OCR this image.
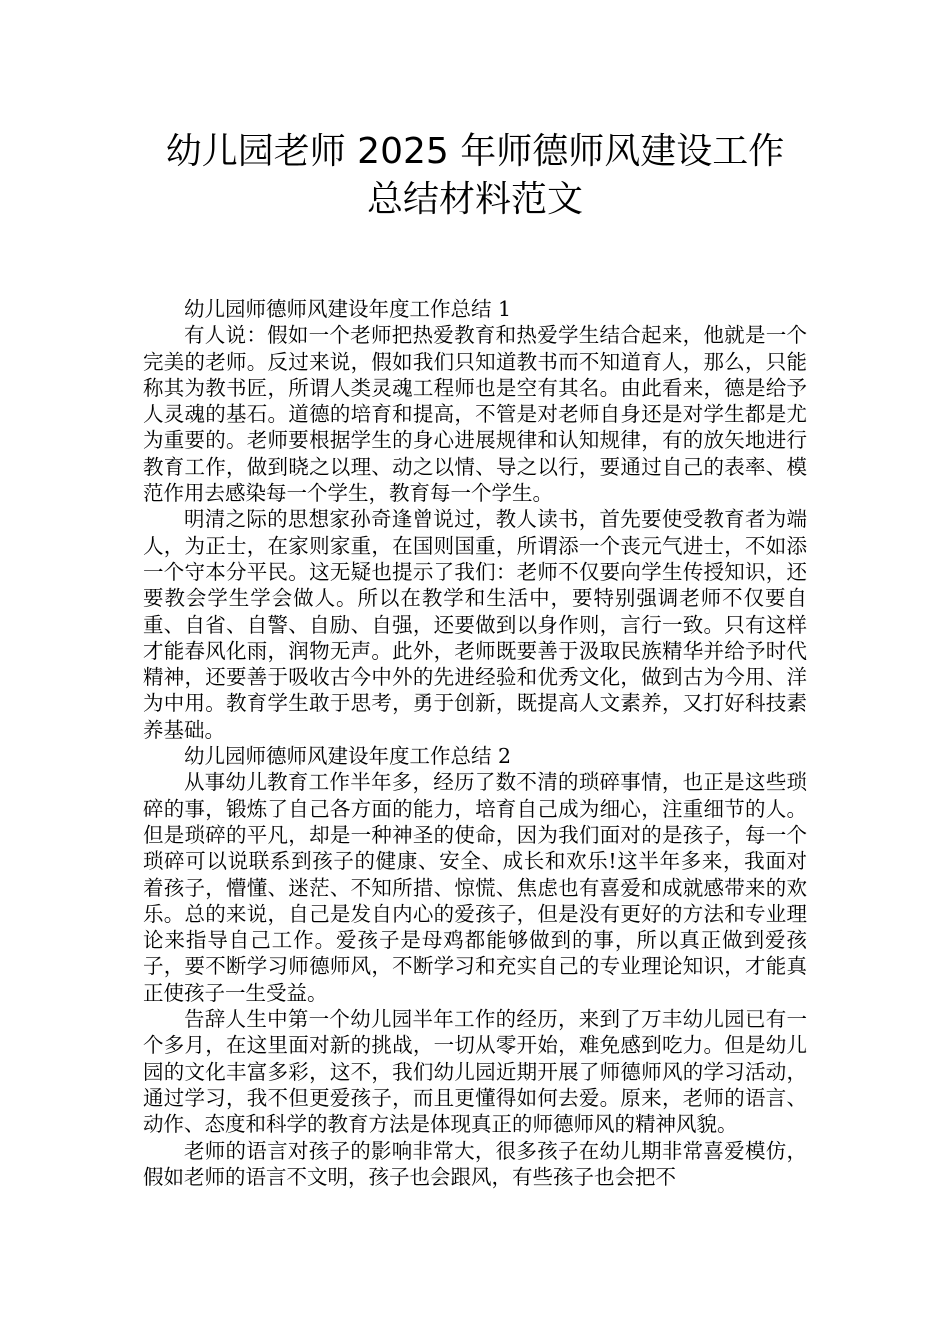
幼儿园老师 2025 年师德师风建设工作
总结材料范文

幼儿园师德师风建设年度工作总结 1

有人说：假如一个老师把热爱教育和热爱学生结合起来，他就是一个完美的老师。反过来说，假如我们只知道教书而不知道育人，那么，只能称其为教书匠，所谓人类灵魂工程师也是空有其名。由此看来，德是给予人灵魂的基石。道德的培育和提高，不管是对老师自身还是对学生都是尤为重要的。老师要根据学生的身心进展规律和认知规律，有的放矢地进行教育工作，做到晓之以理、动之以情、导之以行，要通过自己的表率、模范作用去感染每一个学生，教育每一个学生。

明清之际的思想家孙奇逢曾说过，教人读书，首先要使受教育者为端人，为正士，在家则家重，在国则国重，所谓添一个丧元气进士，不如添一个守本分平民。这无疑也提示了我们：老师不仅要向学生传授知识，还要教会学生学会做人。所以在教学和生活中，要特别强调老师不仅要自重、自省、自警、自励、自强，还要做到以身作则，言行一致。只有这样才能春风化雨，润物无声。此外，老师既要善于汲取民族精华并给予时代精神，还要善于吸收古今中外的先进经验和优秀文化，做到古为今用、洋为中用。教育学生敢于思考，勇于创新，既提高人文素养，又打好科技素养基础。

幼儿园师德师风建设年度工作总结 2

从事幼儿教育工作半年多，经历了数不清的琐碎事情，也正是这些琐碎的事，锻炼了自己各方面的能力，培育自己成为细心，注重细节的人。但是琐碎的平凡，却是一种神圣的使命，因为我们面对的是孩子，每一个琐碎可以说联系到孩子的健康、安全、成长和欢乐!这半年多来，我面对着孩子，懵懂、迷茫、不知所措、惊慌、焦虑也有喜爱和成就感带来的欢乐。总的来说，自己是发自内心的爱孩子，但是没有更好的方法和专业理论来指导自己工作。爱孩子是母鸡都能够做到的事，所以真正做到爱孩子，要不断学习师德师风，不断学习和充实自己的专业理论知识，才能真正使孩子一生受益。

告辞人生中第一个幼儿园半年工作的经历，来到了万丰幼儿园已有一个多月，在这里面对新的挑战，一切从零开始，难免感到吃力。但是幼儿园的文化丰富多彩，这不，我们幼儿园近期开展了师德师风的学习活动，通过学习，我不但更爱孩子，而且更懂得如何去爱。原来，老师的语言、动作、态度和科学的教育方法是体现真正的师德师风的精神风貌。

老师的语言对孩子的影响非常大，很多孩子在幼儿期非常喜爱模仿，假如老师的语言不文明，孩子也会跟风，有些孩子也会把不
